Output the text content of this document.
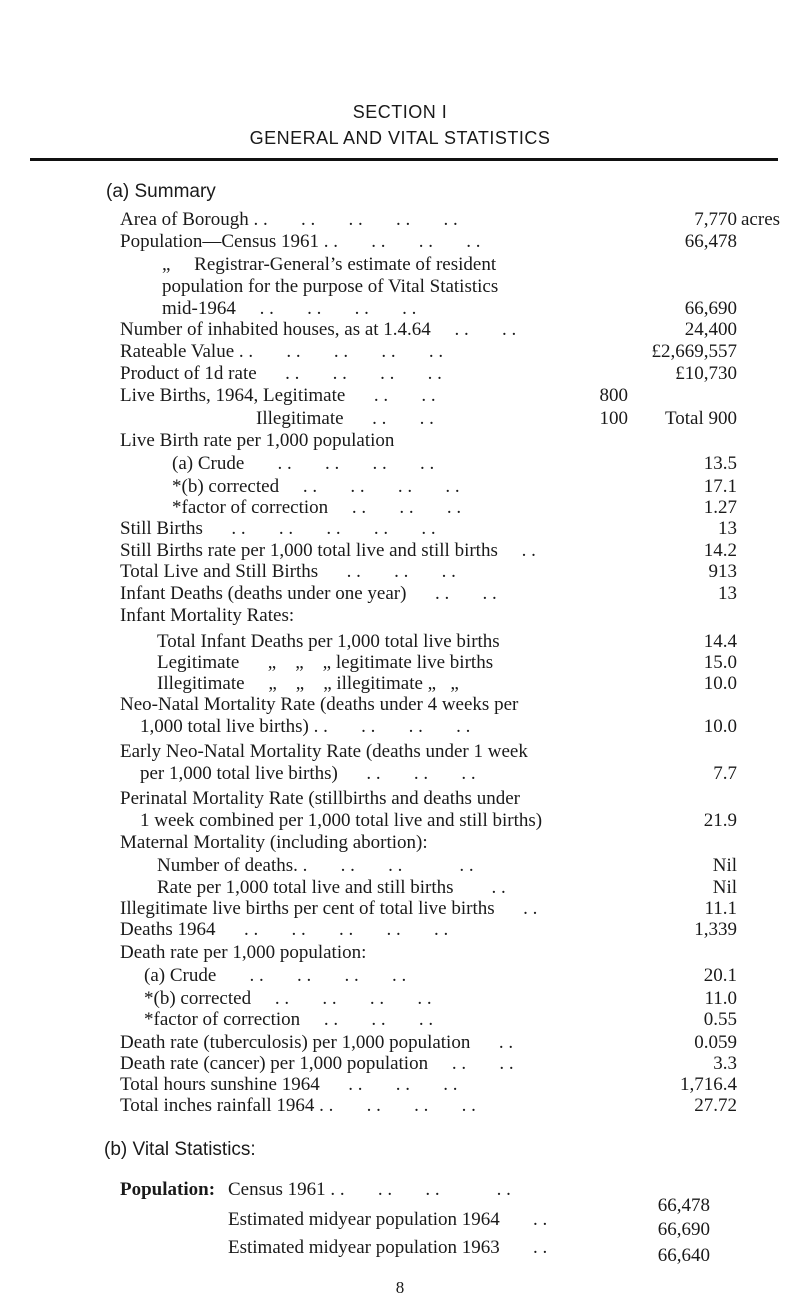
SECTION I
GENERAL AND VITAL STATISTICS
(a) Summary
Area of Borough . .       . .       . .       . .       . .
Population—Census 1961 . .       . .       . .       . .
„     Registrar-General’s estimate of resident
population for the purpose of Vital Statistics
mid-1964     . .       . .       . .       . .
Number of inhabited houses, as at 1.4.64     . .       . .
Rateable Value . .       . .       . .       . .       . .
Product of 1d rate      . .       . .       . .       . .
Live Births, 1964, Legitimate      . .       . .
Illegitimate      . .       . .
Live Birth rate per 1,000 population
(a) Crude       . .       . .       . .       . .
*(b) corrected     . .       . .       . .       . .
*factor of correction     . .       . .       . .
Still Births      . .       . .       . .       . .       . .
Still Births rate per 1,000 total live and still births     . .
Total Live and Still Births      . .       . .       . .
Infant Deaths (deaths under one year)      . .       . .
Infant Mortality Rates:
Total Infant Deaths per 1,000 total live births
Legitimate      „    „    „ legitimate live births
Illegitimate     „    „    „ illegitimate „   „
Neo-Natal Mortality Rate (deaths under 4 weeks per
1,000 total live births) . .       . .       . .       . .
Early Neo-Natal Mortality Rate (deaths under 1 week
per 1,000 total live births)      . .       . .       . .
Perinatal Mortality Rate (stillbirths and deaths under
1 week combined per 1,000 total live and still births)
Maternal Mortality (including abortion):
Number of deaths. .       . .       . .            . .
Rate per 1,000 total live and still births        . .
Illegitimate live births per cent of total live births      . .
Deaths 1964      . .       . .       . .       . .       . .
Death rate per 1,000 population:
(a) Crude       . .       . .       . .       . .
*(b) corrected     . .       . .       . .       . .
*factor of correction     . .       . .       . .
Death rate (tuberculosis) per 1,000 population      . .
Death rate (cancer) per 1,000 population     . .       . .
Total hours sunshine 1964      . .       . .       . .
Total inches rainfall 1964 . .       . .       . .       . .
7,770 acres
66,478
66,690
24,400
£2,669,557
£10,730
800
100 Total 900
13.5
17.1
1.27
13
14.2
913
13
14.4
15.0
10.0
10.0
7.7
21.9
Nil
Nil
11.1
1,339
20.1
11.0
0.55
0.059
3.3
1,716.4
27.72
(b) Vital Statistics:
Population: Census 1961 . .       . .       . .            . .
Estimated midyear population 1964       . .
Estimated midyear population 1963       . .
66,478
66,690
66,640
8
